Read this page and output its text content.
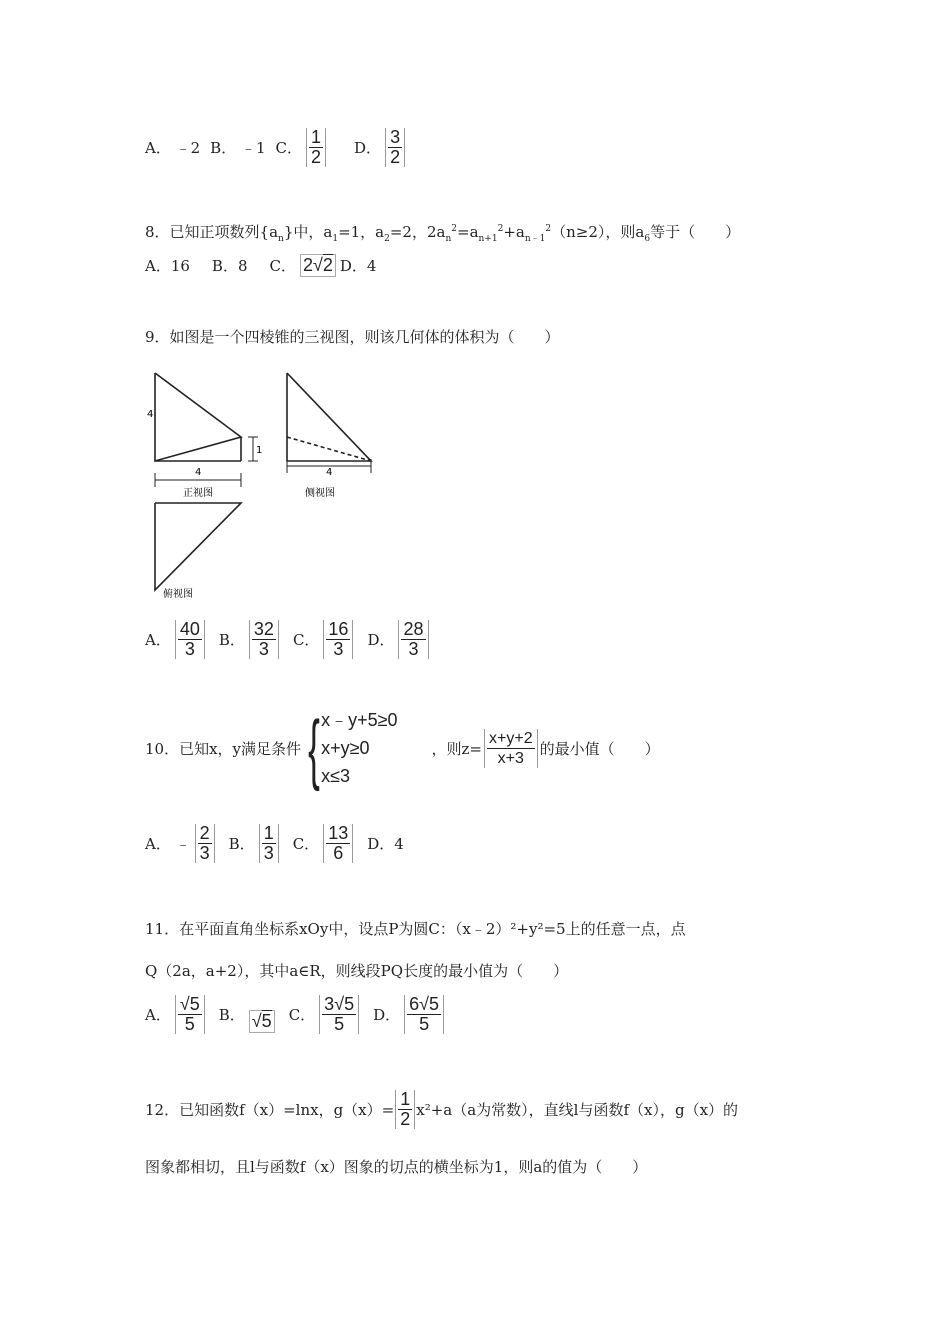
A．
﹣2 B．
﹣1 C． $\frac{1}{2}$ D． $\frac{3}{2}$
8．已知正项数列$\{a_n\}$中，$a_1=1$，$a_2=2$，$2a_n^2=a_{n+1}^2+a_{n﹣1}^2(n\ge 2)$，则$a_6$等于（　　）
A．16 B．8 C． 2√2 D．4
9．如图是一个四棱锥的三视图，则该几何体的体积为（　　）
4
4
1
正视图
4
侧视图
俯视图
A． $\frac{40}{3}$ B． $\frac{32}{3}$ C． $\frac{16}{3}$ D． $\frac{28}{3}$
10．已知x，y满足条件 { x﹣y+5≥0
x+y≥0
x≤3
，则$z= \frac{x+y+2}{x+3}$ 的最小值（　　）
A．
﹣ $\frac{2}{3}$ B． $\frac{1}{3}$ C． $\frac{13}{6}$ D．4
11．在平面直角坐标系xOy中，设点P为圆C：（x﹣2）²+y²=5上的任意一点，点
Q（2a，a+2），其中a∈R，则线段PQ长度的最小值为（　　）
A． $\frac{√5}{5}$ B． √5 C． $\frac{3√5}{5}$ D． $\frac{6√5}{5}$
12．已知函数f（x）=lnx，$g(x)= \frac{1}{2} x^2+a(a$为常数），直线l与函数f（x），g（x）的
图象都相切，且l与函数f（x）图象的切点的横坐标为1，则a的值为（　　）
